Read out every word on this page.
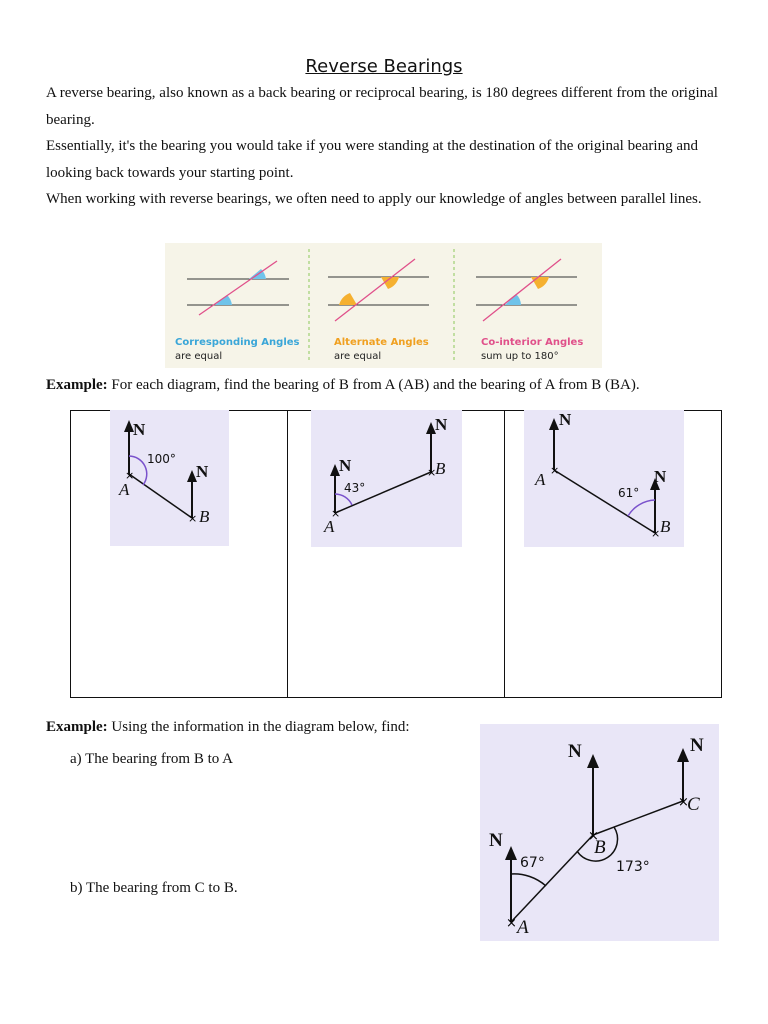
Reverse Bearings
A reverse bearing, also known as a back bearing or reciprocal bearing, is 180 degrees different from the original bearing.
Essentially, it's the bearing you would take if you were standing at the destination of the original bearing and looking back towards your starting point.
When working with reverse bearings, we often need to apply our knowledge of angles between parallel lines.
Corresponding Angles
are equal
Alternate Angles
are equal
Co-interior Angles
sum up to 180°
Example: For each diagram, find the bearing of B from A (AB) and the bearing of A from B (BA).
×
×
N
N
100°
A
B	×
×
N
N
43°
A
B	×
×
N
N
61°
A
B
Example: Using the information in the diagram below, find:
a) The bearing from B to A
b) The bearing from C to B.
×
×
×
N
N	N
67°	173°
A
B
C
